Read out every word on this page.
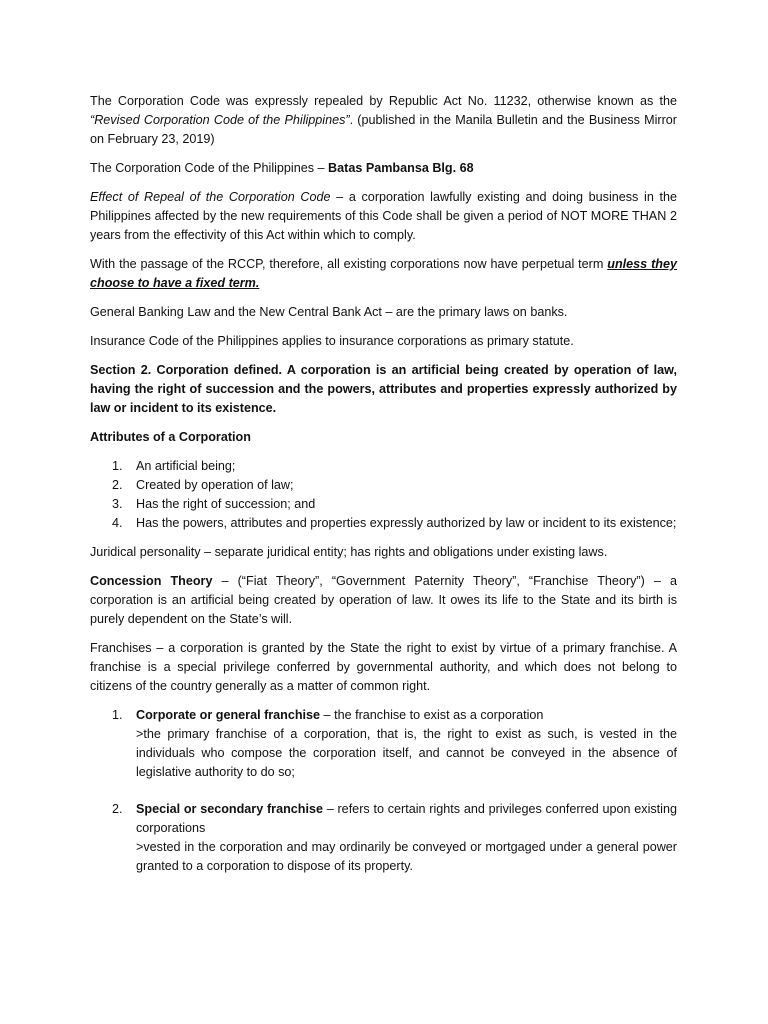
The Corporation Code was expressly repealed by Republic Act No. 11232, otherwise known as the “Revised Corporation Code of the Philippines”. (published in the Manila Bulletin and the Business Mirror on February 23, 2019)

The Corporation Code of the Philippines – Batas Pambansa Blg. 68

Effect of Repeal of the Corporation Code – a corporation lawfully existing and doing business in the Philippines affected by the new requirements of this Code shall be given a period of NOT MORE THAN 2 years from the effectivity of this Act within which to comply.

With the passage of the RCCP, therefore, all existing corporations now have perpetual term unless they choose to have a fixed term.

General Banking Law and the New Central Bank Act – are the primary laws on banks.

Insurance Code of the Philippines applies to insurance corporations as primary statute.

Section 2. Corporation defined. A corporation is an artificial being created by operation of law, having the right of succession and the powers, attributes and properties expressly authorized by law or incident to its existence.

Attributes of a Corporation

1. An artificial being;
2. Created by operation of law;
3. Has the right of succession; and
4. Has the powers, attributes and properties expressly authorized by law or incident to its existence;

Juridical personality – separate juridical entity; has rights and obligations under existing laws.

Concession Theory – (“Fiat Theory”, “Government Paternity Theory”, “Franchise Theory”) – a corporation is an artificial being created by operation of law. It owes its life to the State and its birth is purely dependent on the State’s will.

Franchises – a corporation is granted by the State the right to exist by virtue of a primary franchise. A franchise is a special privilege conferred by governmental authority, and which does not belong to citizens of the country generally as a matter of common right.

1. Corporate or general franchise – the franchise to exist as a corporation
>the primary franchise of a corporation, that is, the right to exist as such, is vested in the individuals who compose the corporation itself, and cannot be conveyed in the absence of legislative authority to do so;
2. Special or secondary franchise – refers to certain rights and privileges conferred upon existing corporations
>vested in the corporation and may ordinarily be conveyed or mortgaged under a general power granted to a corporation to dispose of its property.
